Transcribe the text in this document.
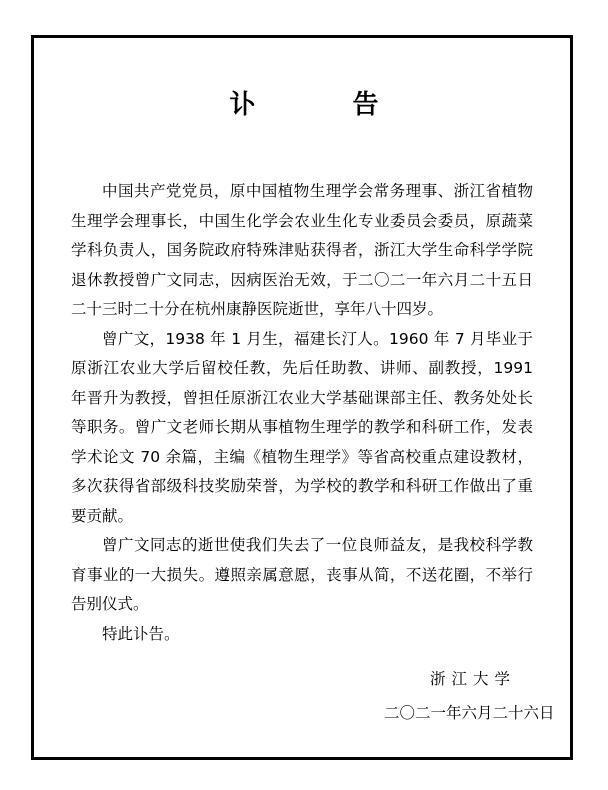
讣 告

中国共产党党员，原中国植物生理学会常务理事、浙江省植物生理学会理事长，中国生化学会农业生化专业委员会委员，原蔬菜学科负责人，国务院政府特殊津贴获得者，浙江大学生命科学学院退休教授曾广文同志，因病医治无效，于二〇二一年六月二十五日二十三时二十分在杭州康静医院逝世，享年八十四岁。

曾广文，1938 年 1 月生，福建长汀人。1960 年 7 月毕业于原浙江农业大学后留校任教，先后任助教、讲师、副教授，1991 年晋升为教授，曾担任原浙江农业大学基础课部主任、教务处处长等职务。曾广文老师长期从事植物生理学的教学和科研工作，发表学术论文 70 余篇，主编《植物生理学》等省高校重点建设教材，多次获得省部级科技奖励荣誉，为学校的教学和科研工作做出了重要贡献。

曾广文同志的逝世使我们失去了一位良师益友，是我校科学教育事业的一大损失。遵照亲属意愿，丧事从简，不送花圈，不举行告别仪式。

特此讣告。

浙江大学
二〇二一年六月二十六日
